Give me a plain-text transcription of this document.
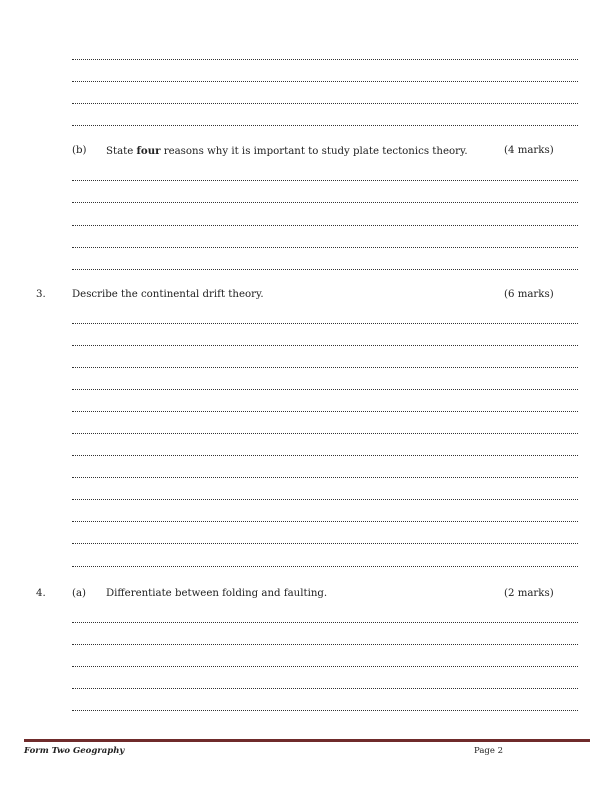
(b) State four reasons why it is important to study plate tectonics theory.	(4 marks)
3.	Describe the continental drift theory.	(6 marks)
4.	(a) Differentiate between folding and faulting.	(2 marks)
Form Two Geography	Page 2
